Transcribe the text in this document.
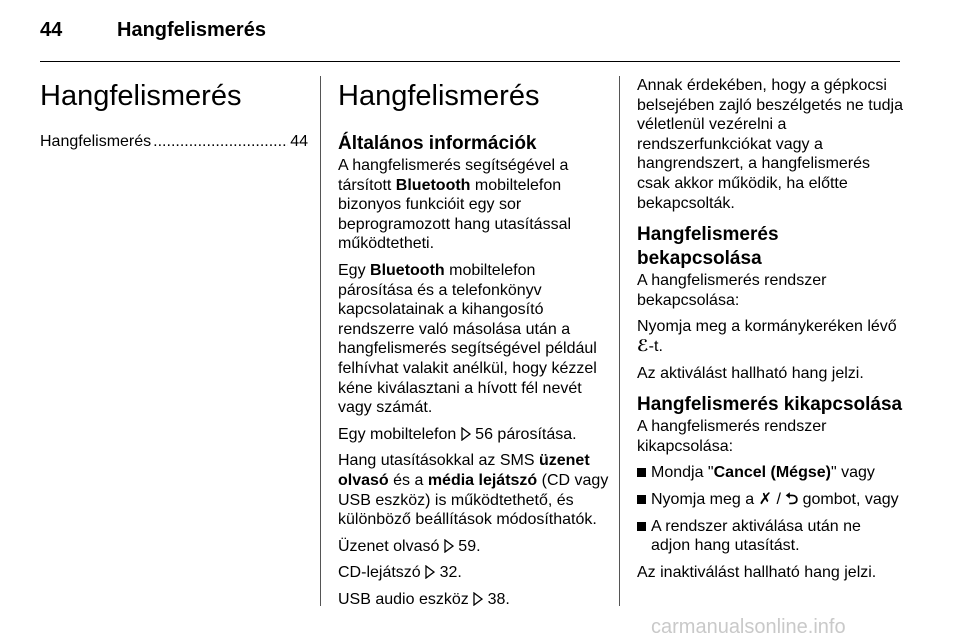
44	Hangfelismerés
Hangfelismerés
Hangfelismerés
.....	44
Hangfelismerés
Általános információk
A hangfelismerés segítségével a
társított Bluetooth mobiltelefon
bizonyos funkcióit egy sor
beprogramozott hang utasítással
működtetheti.
Egy Bluetooth mobiltelefon
párosítása és a telefonkönyv
kapcsolatainak a kihangosító
rendszerre való másolása után a
hangfelismerés segítségével például
felhívhat valakit anélkül, hogy kézzel
kéne kiválasztani a hívott fél nevét
vagy számát.
Egy mobiltelefon  56 párosítása.
Hang utasításokkal az SMS üzenet
olvasó és a média lejátszó (CD vagy
USB eszköz) is működtethető, és
különböző beállítások módosíthatók.
Üzenet olvasó  59.
CD-lejátszó  32.
USB audio eszköz  38.
Annak érdekében, hogy a gépkocsi
belsejében zajló beszélgetés ne tudja
véletlenül vezérelni a
rendszerfunkciókat vagy a
hangrendszert, a hangfelismerés
csak akkor működik, ha előtte
bekapcsolták.
Hangfelismerés bekapcsolása
A hangfelismerés rendszer
bekapcsolása:
Nyomja meg a kormánykeréken lévő
ℰ-t.
Az aktiválást hallható hang jelzi.
Hangfelismerés kikapcsolása
A hangfelismerés rendszer
kikapcsolása:
Mondja "Cancel (Mégse)" vagy
Nyomja meg a ✗ / ⮌ gombot, vagy
A rendszer aktiválása után ne
adjon hang utasítást.
Az inaktiválást hallható hang jelzi.
carmanualsonline.info
